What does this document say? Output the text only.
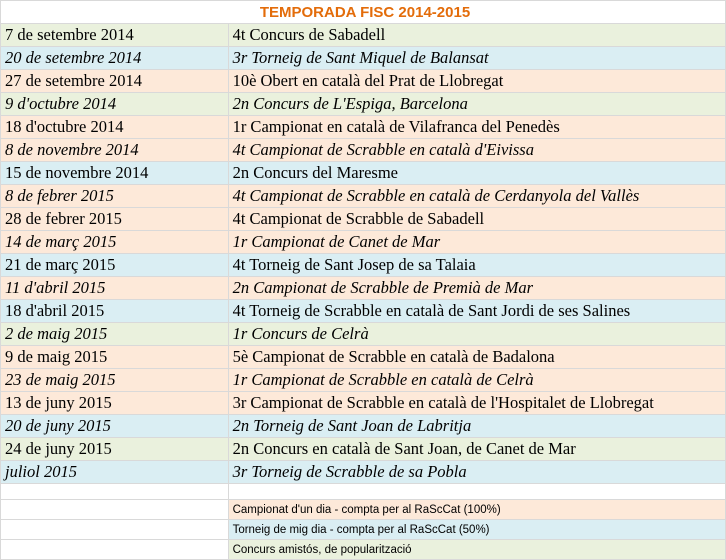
TEMPORADA FISC 2014-2015	
7 de setembre 2014	4t Concurs de Sabadell
20 de setembre 2014	3r Torneig de Sant Miquel de Balansat
27 de setembre 2014	10è Obert en català del Prat de Llobregat
9 d'octubre 2014	2n Concurs de L'Espiga, Barcelona
18 d'octubre 2014	1r Campionat en català de Vilafranca del Penedès
8 de novembre 2014	4t Campionat de Scrabble en català d'Eivissa
15 de novembre 2014	2n Concurs del Maresme
8 de febrer 2015	4t Campionat de Scrabble en català de Cerdanyola del Vallès
28 de febrer 2015	4t Campionat de Scrabble de Sabadell
14 de març 2015	1r Campionat de Canet de Mar
21 de març 2015	4t Torneig de Sant Josep de sa Talaia
11 d'abril 2015	2n Campionat de Scrabble de Premià de Mar
18 d'abril 2015	4t Torneig de Scrabble en català de Sant Jordi de ses Salines
2 de maig 2015	1r Concurs de Celrà
9 de maig 2015	5è Campionat de Scrabble en català de Badalona
23 de maig 2015	1r Campionat de Scrabble en català de Celrà
13 de juny 2015	3r Campionat de Scrabble en català de l'Hospitalet de Llobregat
20 de juny 2015	2n Torneig de Sant Joan de Labritja
24 de juny 2015	2n Concurs en català de Sant Joan, de Canet de Mar
juliol 2015	3r Torneig de Scrabble de sa Pobla

	Campionat d'un dia - compta per al RaScCat (100%)
	Torneig de mig dia - compta per al RaScCat (50%)
	Concurs amistós, de popularització
